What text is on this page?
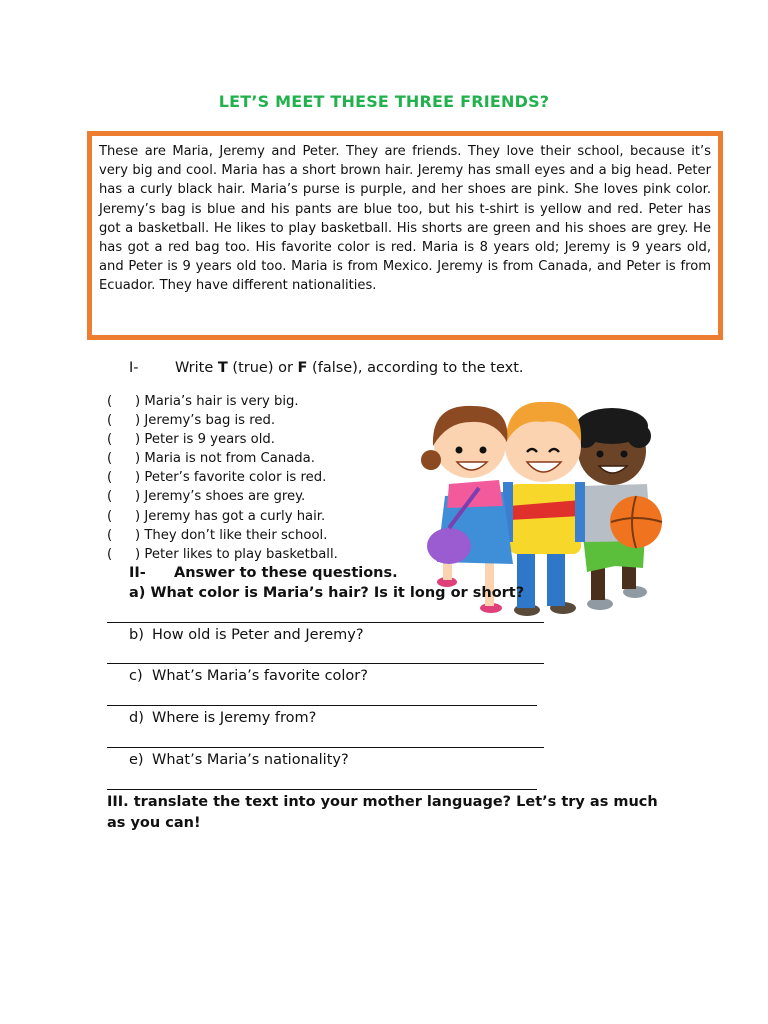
LET’S MEET THESE THREE FRIENDS?

These are Maria, Jeremy and Peter. They are friends. They love their school, because it’s very big and cool. Maria has a short brown hair. Jeremy has small eyes and a big head. Peter has a curly black hair. Maria’s purse is purple, and her shoes are pink. She loves pink color. Jeremy’s bag is blue and his pants are blue too, but his t-shirt is yellow and red. Peter has got a basketball. He likes to play basketball. His shorts are green and his shoes are grey. He has got a red bag too. His favorite color is red. Maria is 8 years old; Jeremy is 9 years old, and Peter is 9 years old too. Maria is from Mexico. Jeremy is from Canada, and Peter is from Ecuador. They have different nationalities.

I-	Write T (true) or F (false), according to the text.
( ) Maria’s hair is very big.
( ) Jeremy’s bag is red.
( ) Peter is 9 years old.
( ) Maria is not from Canada.
( ) Peter’s favorite color is red.
( ) Jeremy’s shoes are grey.
( ) Jeremy has got a curly hair.
( ) They don’t like their school.
( ) Peter likes to play basketball.
II- Answer to these questions.
a) What color is Maria’s hair? Is it long or short?
b) How old is Peter and Jeremy?
c) What’s Maria’s favorite color?
d) Where is Jeremy from?
e) What’s Maria’s nationality?
III. translate the text into your mother language? Let’s try as much as you can!
